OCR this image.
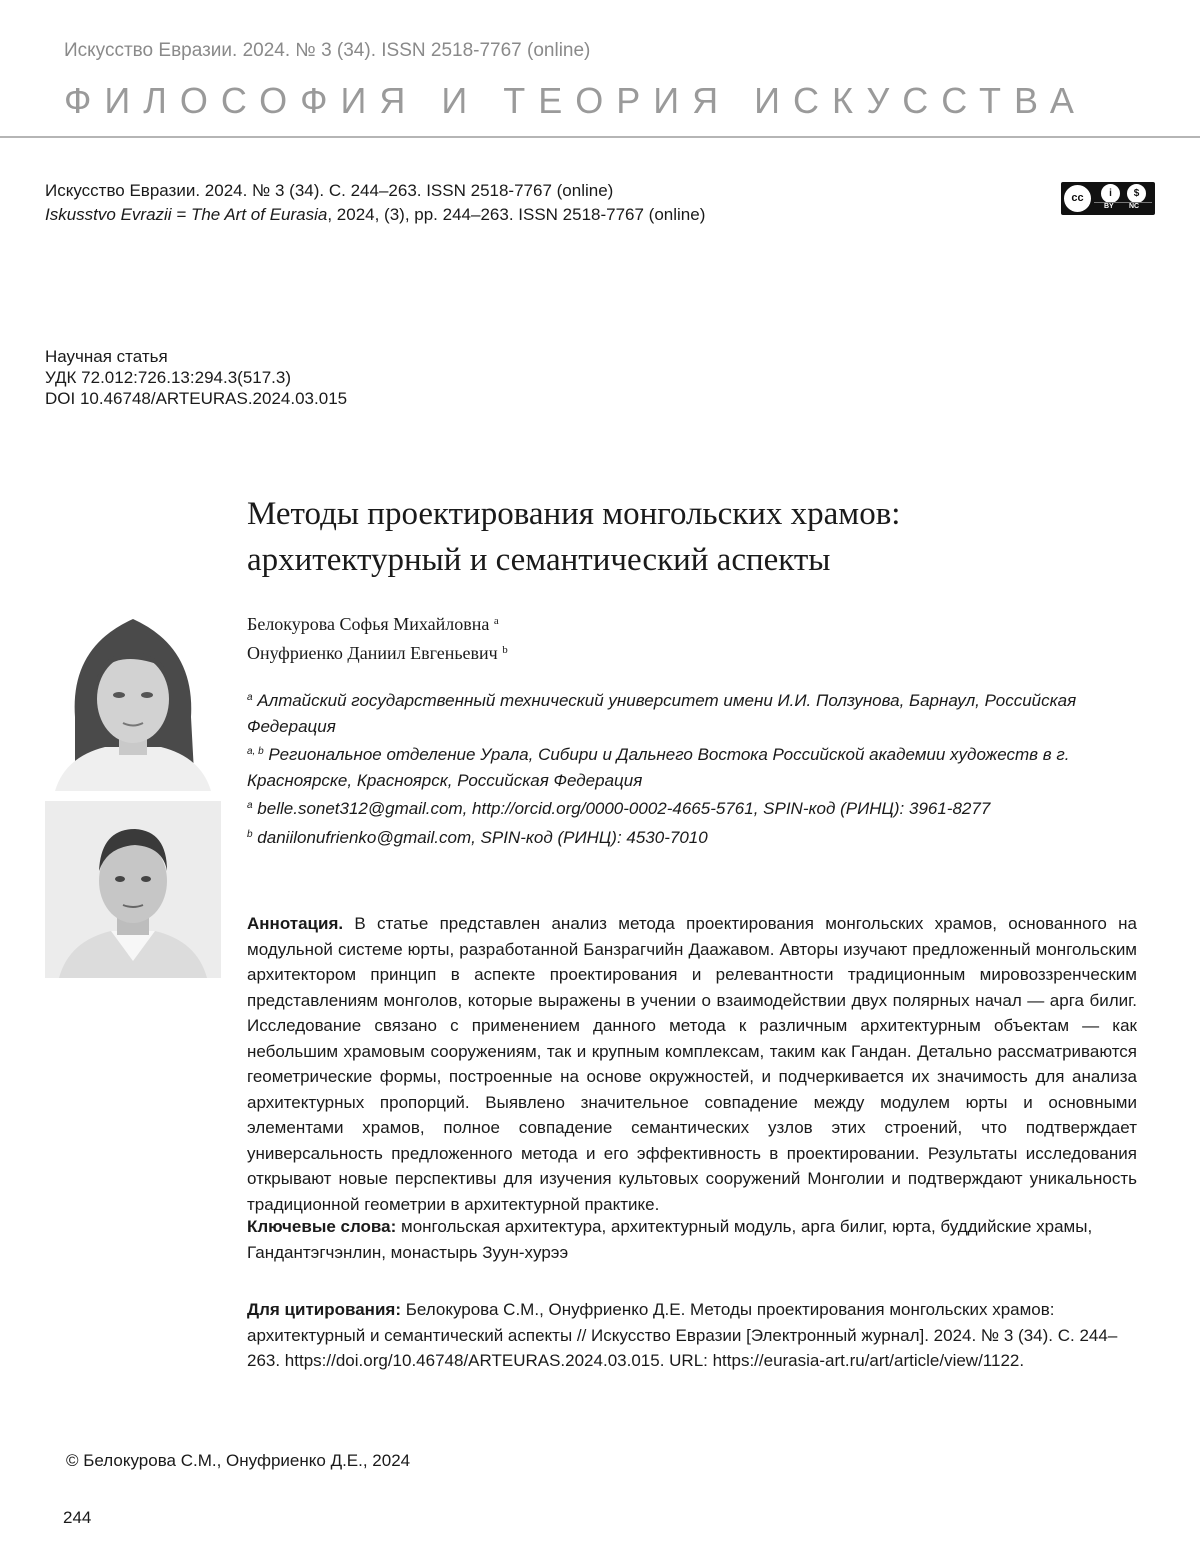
Искусство Евразии. 2024. № 3 (34). ISSN 2518-7767 (online)
ФИЛОСОФИЯ И ТЕОРИЯ ИСКУССТВА
Искусство Евразии. 2024. № 3 (34). С. 244–263. ISSN 2518-7767 (online)
Iskusstvo Evrazii = The Art of Eurasia, 2024, (3), pp. 244–263. ISSN 2518-7767 (online)
cc	i	$
BY NC
Научная статья
УДК 72.012:726.13:294.3(517.3)
DOI 10.46748/ARTEURAS.2024.03.015
Методы проектирования монгольских храмов:
архитектурный и семантический аспекты
Белокурова Софья Михайловна $^a$
Онуфриенко Даниил Евгеньевич $^b$
$^a$ Алтайский государственный технический университет имени И.И. Ползунова, Барнаул, Российская Федерация
$^{a, b}$ Региональное отделение Урала, Сибири и Дальнего Востока Российской академии художеств в г. Красноярске, Красноярск, Российская Федерация
$^a$ belle.sonet312@gmail.com, http://orcid.org/0000-0002-4665-5761, SPIN-код (РИНЦ): 3961-8277
$^b$ daniilonufrienko@gmail.com, SPIN-код (РИНЦ): 4530-7010
Аннотация. В статье представлен анализ метода проектирования монгольских храмов, основанного на модульной системе юрты, разработанной Банзрагчийн Даажавом. Авторы изучают предложенный монгольским архитектором принцип в аспекте проектирования и релевантности традиционным мировоззренческим представлениям монголов, которые выражены в учении о взаимодействии двух полярных начал — арга билиг. Исследование связано с применением данного метода к различным архитектурным объектам — как небольшим храмовым сооружениям, так и крупным комплексам, таким как Гандан. Детально рассматриваются геометрические формы, построенные на основе окружностей, и подчеркивается их значимость для анализа архитектурных пропорций. Выявлено значительное совпадение между модулем юрты и основными элементами храмов, полное совпадение семантических узлов этих строений, что подтверждает универсальность предложенного метода и его эффективность в проектировании. Результаты исследования открывают новые перспективы для изучения культовых сооружений Монголии и подтверждают уникальность традиционной геометрии в архитектурной практике.
Ключевые слова: монгольская архитектура, архитектурный модуль, арга билиг, юрта, буддийские храмы, Гандантэгчэнлин, монастырь Зуун-хурээ
Для цитирования: Белокурова С.М., Онуфриенко Д.Е. Методы проектирования монгольских храмов: архитектурный и семантический аспекты // Искусство Евразии [Электронный журнал]. 2024. № 3 (34). С. 244–263. https://doi.org/10.46748/ARTEURAS.2024.03.015. URL: https://eurasia-art.ru/art/article/view/1122.
© Белокурова С.М., Онуфриенко Д.Е., 2024
244
